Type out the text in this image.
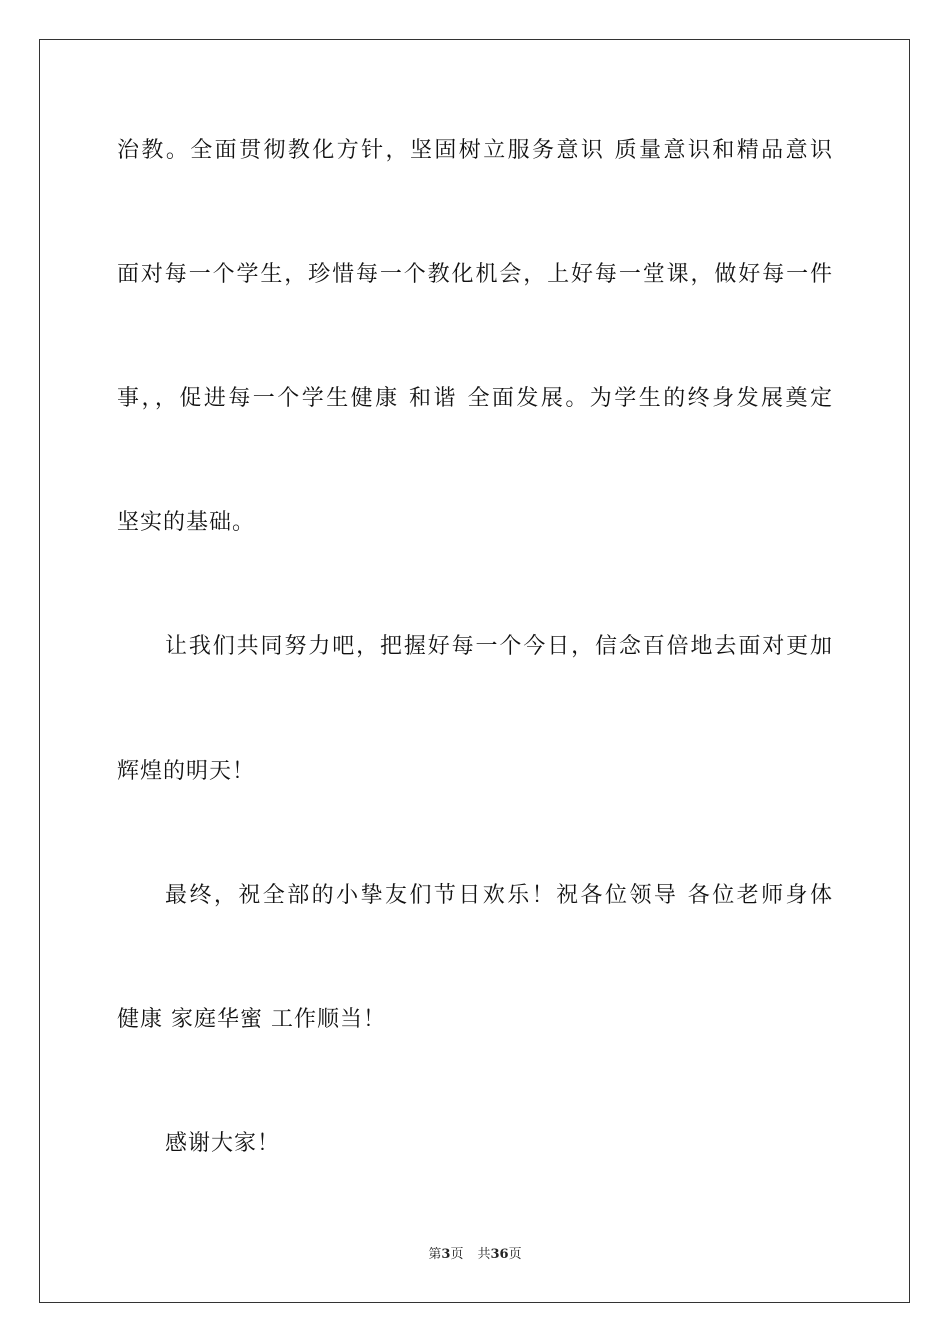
治教。全面贯彻教化方针，坚固树立服务意识 质量意识和精品意识
面对每一个学生，珍惜每一个教化机会，上好每一堂课，做好每一件
事，，促进每一个学生健康 和谐 全面发展。为学生的终身发展奠定
坚实的基础。
让我们共同努力吧，把握好每一个今日，信念百倍地去面对更加
辉煌的明天！
最终，祝全部的小挚友们节日欢乐！祝各位领导 各位老师身体
健康 家庭华蜜 工作顺当！
感谢大家！
第3页 共36页
